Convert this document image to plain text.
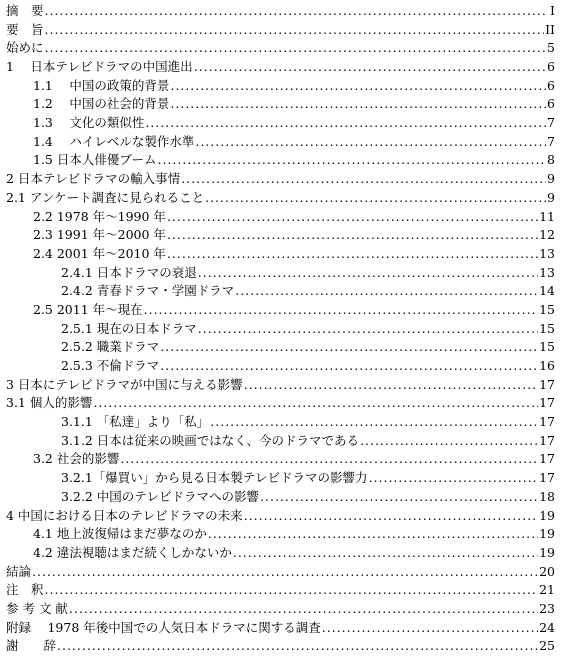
摘　要 .....	I
要　旨 .....	II
始めに .....	5
1　 日本テレビドラマの中国進出 .....	6
1.1　 中国の政策的背景 .....	6
1.2　 中国の社会的背景 .....	6
1.3　 文化の類似性 .....	7
1.4　 ハイレベルな製作水準 .....	7
1.5 日本人俳優ブーム .....	8
2 日本テレビドラマの輸入事情 .....	9
2.1 アンケート調査に見られること .....	9
2.2 1978 年～1990 年 .....	11
2.3 1991 年～2000 年 .....	12
2.4 2001 年～2010 年 .....	13
2.4.1 日本ドラマの衰退 .....	13
2.4.2 青春ドラマ・学園ドラマ .....	14
2.5 2011 年～現在 .....	15
2.5.1 現在の日本ドラマ .....	15
2.5.2 職業ドラマ .....	15
2.5.3 不倫ドラマ .....	16
3 日本にテレビドラマが中国に与える影響 .....	17
3.1 個人的影響 .....	17
3.1.1 「私達」より「私」 .....	17
3.1.2 日本は従来の映画ではなく、今のドラマである .....	17
3.2 社会的影響 .....	17
3.2.1「爆買い」から見る日本製テレビドラマの影響力 .....	17
3.2.2 中国のテレビドラマへの影響 .....	18
4 中国における日本のテレビドラマの未来 .....	19
4.1 地上波復帰はまだ夢なのか .....	19
4.2 違法視聴はまだ続くしかないか .....	19
結論 .....	20
注　釈 .....	21
参 考 文 献 .....	23
附録　 1978 年後中国での人気日本ドラマに関する調査 .....	24
謝　　辞 .....	25
